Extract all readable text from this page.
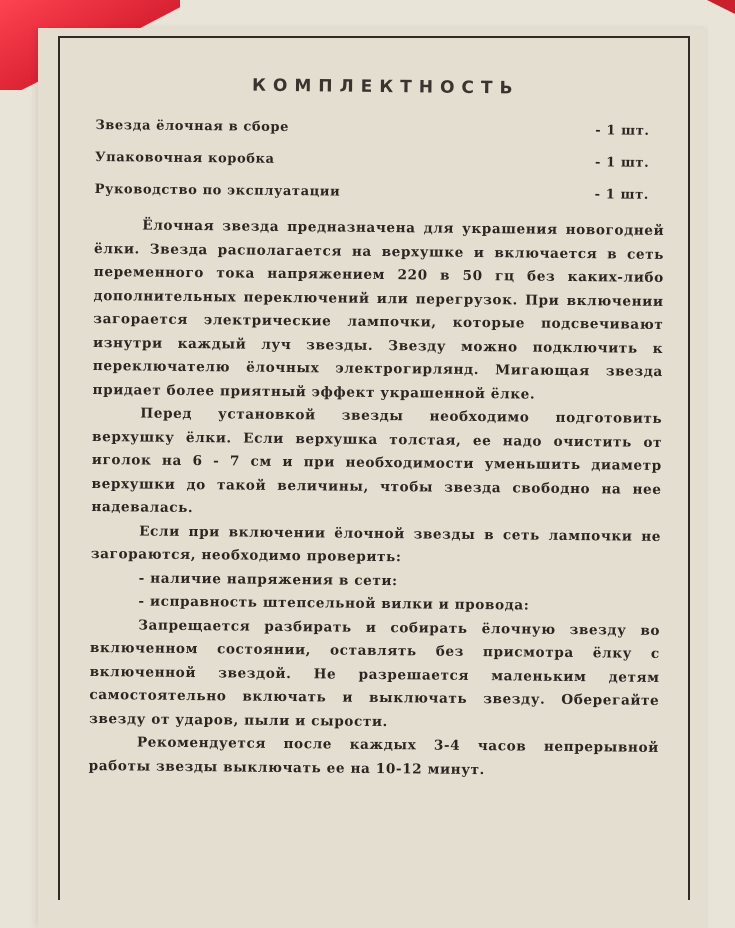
КОМПЛЕКТНОСТЬ
Звезда ёлочная в сборе	- 1 шт.
Упаковочная коробка	- 1 шт.
Руководство по эксплуатации	- 1 шт.

Ёлочная звезда предназначена для украшения новогодней ёлки. Звезда располагается на верхушке и включается в сеть переменного тока напряжением 220 в 50 гц без каких-либо дополнительных переключений или перегрузок. При включении загорается электрические лампочки, которые подсвечивают изнутри каждый луч звезды. Звезду можно подключить к переключателю ёлочных электрогирлянд. Мигающая звезда придает более приятный эффект украшенной ёлке.

Перед установкой звезды необходимо подготовить верхушку ёлки. Если верхушка толстая, ее надо очистить от иголок на 6 - 7 см и при необходимости уменьшить диаметр верхушки до такой величины, чтобы звезда свободно на нее надевалась.

Если при включении ёлочной звезды в сеть лампочки не загораются, необходимо проверить:

- наличие напряжения в сети:

- исправность штепсельной вилки и провода:

Запрещается разбирать и собирать ёлочную звезду во включенном состоянии, оставлять без присмотра ёлку с включенной звездой. Не разрешается маленьким детям самостоятельно включать и выключать звезду. Оберегайте звезду от ударов, пыли и сырости.

Рекомендуется после каждых 3-4 часов непрерывной работы звезды выключать ее на 10-12 минут.
